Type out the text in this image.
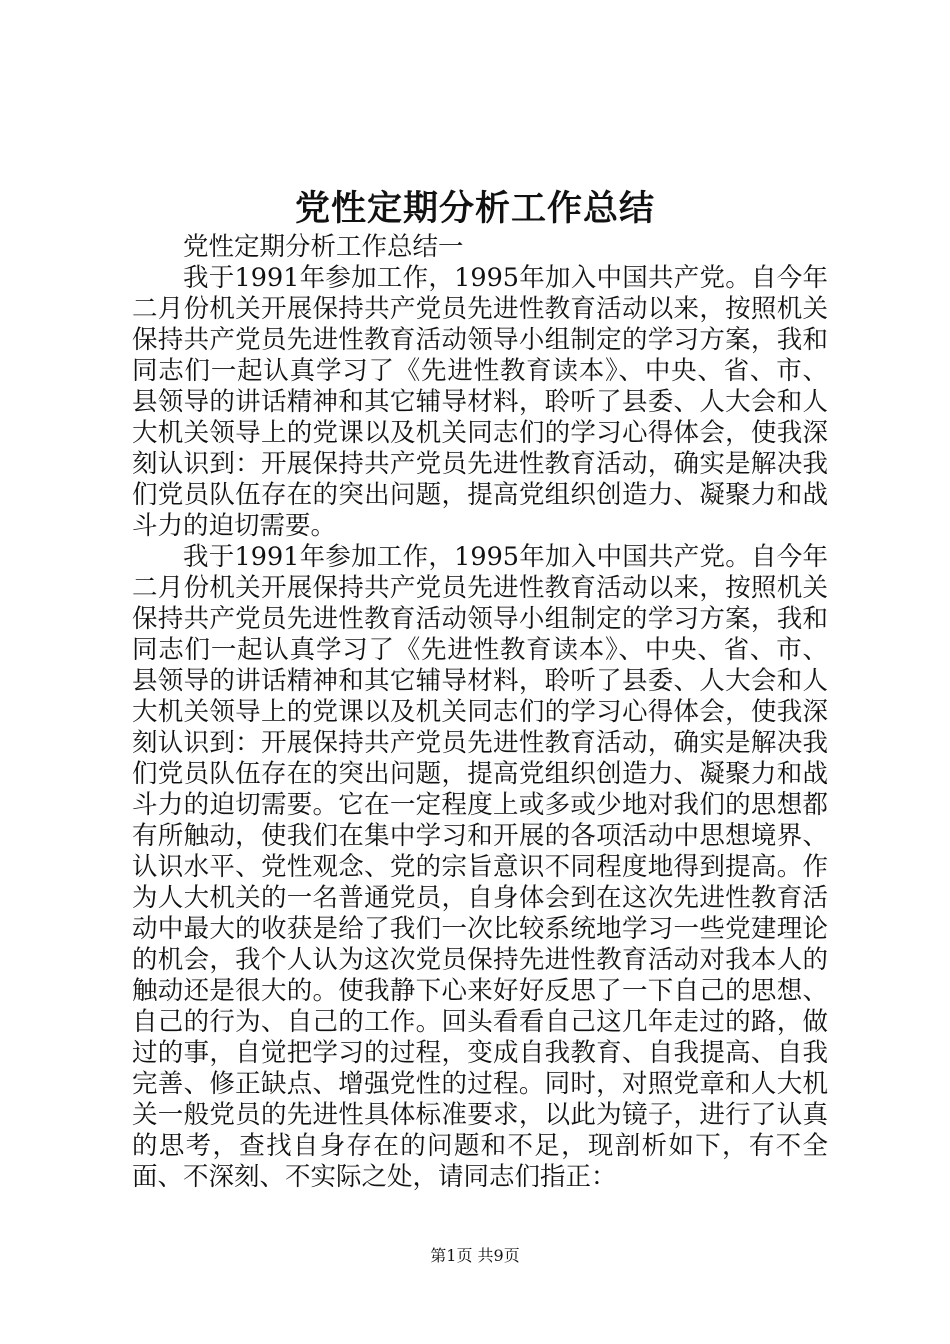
党性定期分析工作总结

党性定期分析工作总结一

我于1991年参加工作，1995年加入中国共产党。自今年二月份机关开展保持共产党员先进性教育活动以来，按照机关保持共产党员先进性教育活动领导小组制定的学习方案，我和同志们一起认真学习了《先进性教育读本》、中央、省、市、县领导的讲话精神和其它辅导材料，聆听了县委、人大会和人大机关领导上的党课以及机关同志们的学习心得体会，使我深刻认识到：开展保持共产党员先进性教育活动，确实是解决我们党员队伍存在的突出问题，提高党组织创造力、凝聚力和战斗力的迫切需要。

我于1991年参加工作，1995年加入中国共产党。自今年二月份机关开展保持共产党员先进性教育活动以来，按照机关保持共产党员先进性教育活动领导小组制定的学习方案，我和同志们一起认真学习了《先进性教育读本》、中央、省、市、县领导的讲话精神和其它辅导材料，聆听了县委、人大会和人大机关领导上的党课以及机关同志们的学习心得体会，使我深刻认识到：开展保持共产党员先进性教育活动，确实是解决我们党员队伍存在的突出问题，提高党组织创造力、凝聚力和战斗力的迫切需要。它在一定程度上或多或少地对我们的思想都有所触动，使我们在集中学习和开展的各项活动中思想境界、认识水平、党性观念、党的宗旨意识不同程度地得到提高。作为人大机关的一名普通党员，自身体会到在这次先进性教育活动中最大的收获是给了我们一次比较系统地学习一些党建理论的机会，我个人认为这次党员保持先进性教育活动对我本人的触动还是很大的。使我静下心来好好反思了一下自己的思想、自己的行为、自己的工作。回头看看自己这几年走过的路，做过的事，自觉把学习的过程，变成自我教育、自我提高、自我完善、修正缺点、增强党性的过程。同时，对照党章和人大机关一般党员的先进性具体标准要求，以此为镜子，进行了认真的思考，查找自身存在的问题和不足，现剖析如下，有不全面、不深刻、不实际之处，请同志们指正：

第1页 共9页
